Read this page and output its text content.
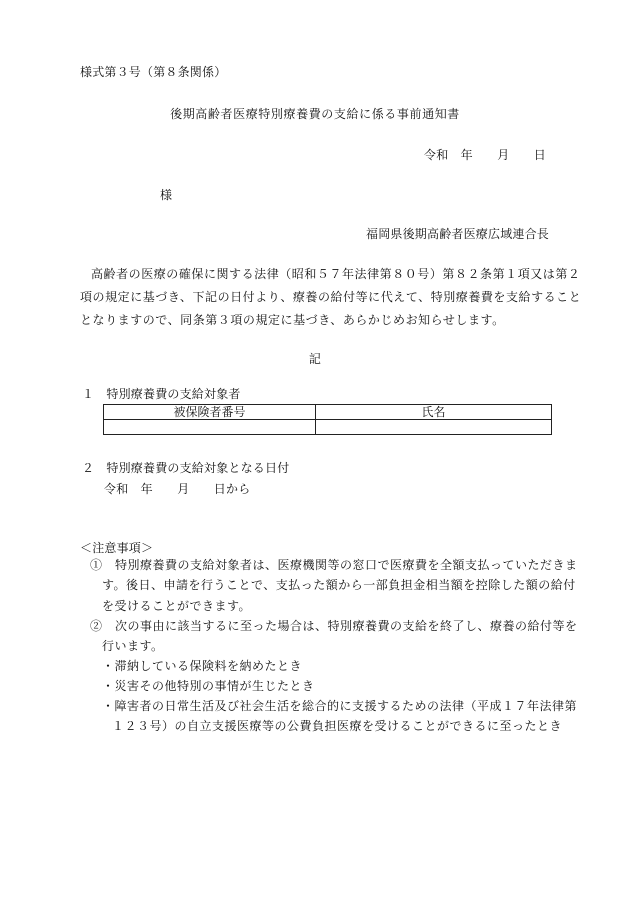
様式第３号（第８条関係）
後期高齢者医療特別療養費の支給に係る事前通知書
令和　年　　月　　日
様
福岡県後期高齢者医療広域連合長
高齢者の医療の確保に関する法律（昭和５７年法律第８０号）第８２条第１項又は第２
項の規定に基づき、下記の日付より、療養の給付等に代えて、特別療養費を支給すること
となりますので、同条第３項の規定に基づき、あらかじめお知らせします。
記
１　特別療養費の支給対象者
被保険者番号	氏名

２　特別療養費の支給対象となる日付
令和　年　　月　　日から
＜注意事項＞
①　特別療養費の支給対象者は、医療機関等の窓口で医療費を全額支払っていただきま
す。後日、申請を行うことで、支払った額から一部負担金相当額を控除した額の給付
を受けることができます。
②　次の事由に該当するに至った場合は、特別療養費の支給を終了し、療養の給付等を
行います。
・滞納している保険料を納めたとき
・災害その他特別の事情が生じたとき
・障害者の日常生活及び社会生活を総合的に支援するための法律（平成１７年法律第
１２３号）の自立支援医療等の公費負担医療を受けることができるに至ったとき
